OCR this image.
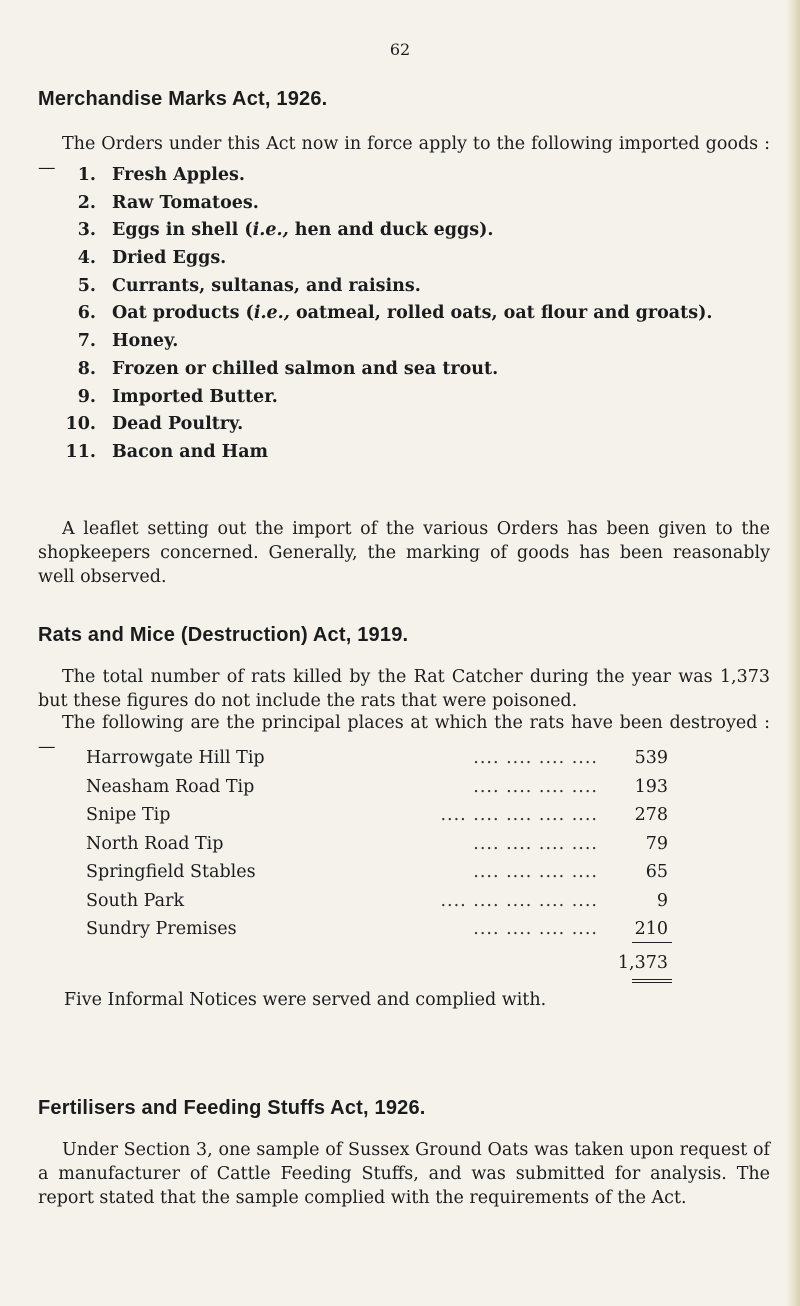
62
Merchandise Marks Act, 1926.
The Orders under this Act now in force apply to the following imported goods :—	1. Fresh Apples.
2. Raw Tomatoes.
3. Eggs in shell (i.e., hen and duck eggs).
4. Dried Eggs.
5. Currants, sultanas, and raisins.
6. Oat products (i.e., oatmeal, rolled oats, oat flour and groats).
7. Honey.
8. Frozen or chilled salmon and sea trout.
9. Imported Butter.
10. Dead Poultry.
11. Bacon and Ham
A leaflet setting out the import of the various Orders has been given to the shopkeepers concerned. Generally, the marking of goods has been reasonably well observed.
Rats and Mice (Destruction) Act, 1919.
The total number of rats killed by the Rat Catcher during the year was 1,373 but these figures do not include the rats that were poisoned.
The following are the principal places at which the rats have been destroyed :—
Harrowgate Hill Tip	.... .... .... .... 539
Neasham Road Tip	.... .... .... .... 193
Snipe Tip	.... .... .... .... .... 278
North Road Tip	.... .... .... ....	79
Springfield Stables	.... .... .... ....	65
South Park	.... .... .... .... ....	9
Sundry Premises	.... .... .... .... 210
1,373
Five Informal Notices were served and complied with.
Fertilisers and Feeding Stuffs Act, 1926.
Under Section 3, one sample of Sussex Ground Oats was taken upon request of a manufacturer of Cattle Feeding Stuffs, and was submitted for analysis. The report stated that the sample complied with the requirements of the Act.
